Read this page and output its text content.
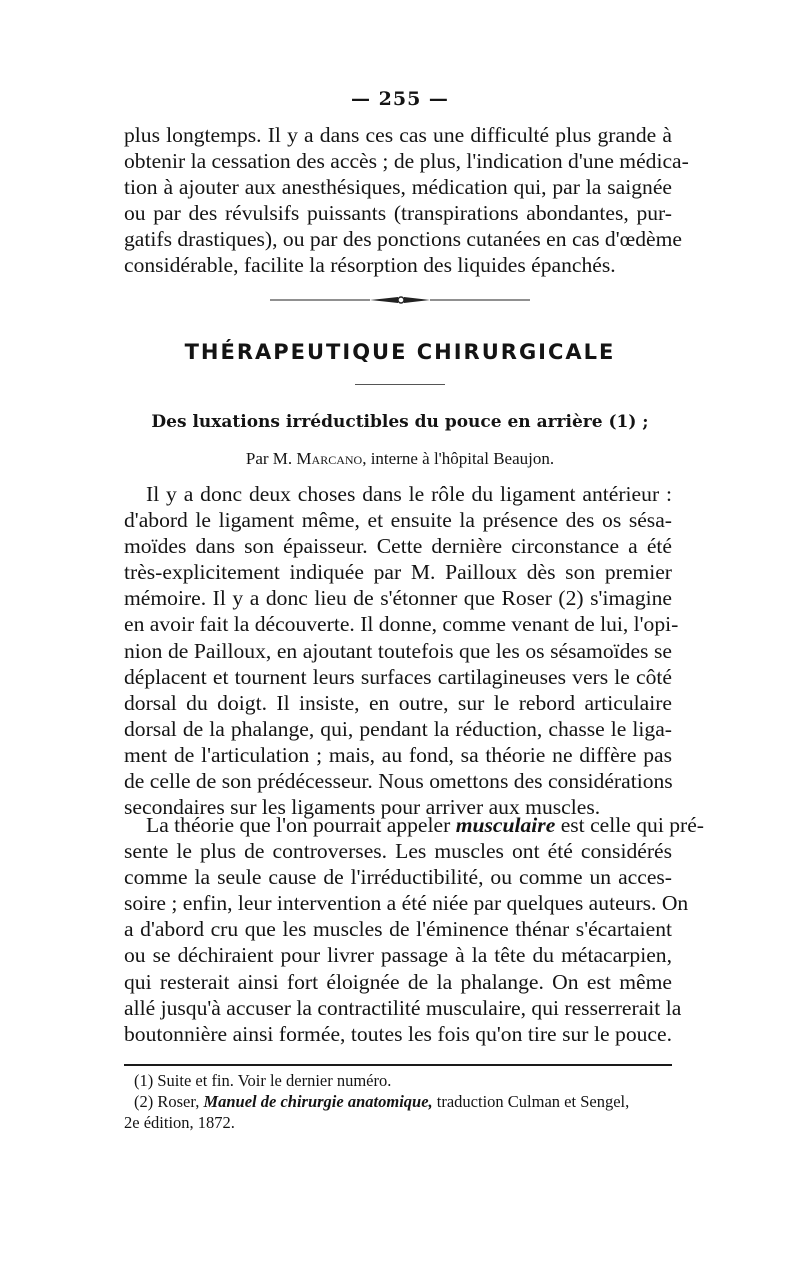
— 255 —
plus longtemps. Il y a dans ces cas une difficulté plus grande à
obtenir la cessation des accès ; de plus, l'indication d'une médica-
tion à ajouter aux anesthésiques, médication qui, par la saignée
ou par des révulsifs puissants (transpirations abondantes, pur-
gatifs drastiques), ou par des ponctions cutanées en cas d'œdème
considérable, facilite la résorption des liquides épanchés.
THÉRAPEUTIQUE CHIRURGICALE
Des luxations irréductibles du pouce en arrière (1) ;
Par M. Marcano, interne à l'hôpital Beaujon.
Il y a donc deux choses dans le rôle du ligament antérieur :
d'abord le ligament même, et ensuite la présence des os sésa-
moïdes dans son épaisseur. Cette dernière circonstance a été
très-explicitement indiquée par M. Pailloux dès son premier
mémoire. Il y a donc lieu de s'étonner que Roser (2) s'imagine
en avoir fait la découverte. Il donne, comme venant de lui, l'opi-
nion de Pailloux, en ajoutant toutefois que les os sésamoïdes se
déplacent et tournent leurs surfaces cartilagineuses vers le côté
dorsal du doigt. Il insiste, en outre, sur le rebord articulaire
dorsal de la phalange, qui, pendant la réduction, chasse le liga-
ment de l'articulation ; mais, au fond, sa théorie ne diffère pas
de celle de son prédécesseur. Nous omettons des considérations
secondaires sur les ligaments pour arriver aux muscles.
La théorie que l'on pourrait appeler musculaire est celle qui pré-
sente le plus de controverses. Les muscles ont été considérés
comme la seule cause de l'irréductibilité, ou comme un acces-
soire ; enfin, leur intervention a été niée par quelques auteurs. On
a d'abord cru que les muscles de l'éminence thénar s'écartaient
ou se déchiraient pour livrer passage à la tête du métacarpien,
qui resterait ainsi fort éloignée de la phalange. On est même
allé jusqu'à accuser la contractilité musculaire, qui resserrerait la
boutonnière ainsi formée, toutes les fois qu'on tire sur le pouce.

(1) Suite et fin. Voir le dernier numéro.

(2) Roser, Manuel de chirurgie anatomique, traduction Culman et Sengel,

2e édition, 1872.
